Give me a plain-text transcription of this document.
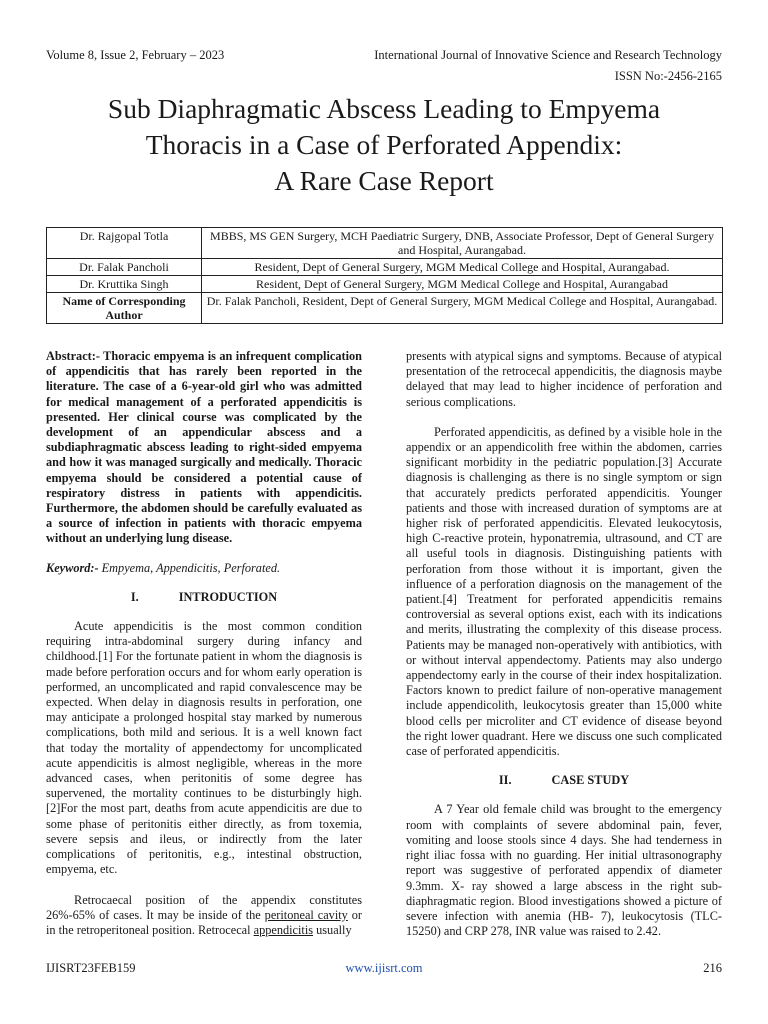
Volume 8, Issue 2, February – 2023	International Journal of Innovative Science and Research Technology
ISSN No:-2456-2165
Sub Diaphragmatic Abscess Leading to Empyema
Thoracis in a Case of Perforated Appendix:
A Rare Case Report
Dr. Rajgopal Totla	MBBS, MS GEN Surgery, MCH Paediatric Surgery, DNB, Associate Professor, Dept of General Surgery and Hospital, Aurangabad.
Dr. Falak Pancholi	Resident, Dept of General Surgery, MGM Medical College and Hospital, Aurangabad.
Dr. Kruttika Singh	Resident, Dept of General Surgery, MGM Medical College and Hospital, Aurangabad
Name of Corresponding Author	Dr. Falak Pancholi, Resident, Dept of General Surgery, MGM Medical College and Hospital, Aurangabad.

Abstract:- Thoracic empyema is an infrequent complication of appendicitis that has rarely been reported in the literature. The case of a 6-year-old girl who was admitted for medical management of a perforated appendicitis is presented. Her clinical course was complicated by the development of an appendicular abscess and a subdiaphragmatic abscess leading to right-sided empyema and how it was managed surgically and medically. Thoracic empyema should be considered a potential cause of respiratory distress in patients with appendicitis. Furthermore, the abdomen should be carefully evaluated as a source of infection in patients with thoracic empyema without an underlying lung disease.

Keyword:- Empyema, Appendicitis, Perforated.

I.	INTRODUCTION

Acute appendicitis is the most common condition requiring intra-abdominal surgery during infancy and childhood.[1] For the fortunate patient in whom the diagnosis is made before perforation occurs and for whom early operation is performed, an uncomplicated and rapid convalescence may be expected. When delay in diagnosis results in perforation, one may anticipate a prolonged hospital stay marked by numerous complications, both mild and serious. It is a well known fact that today the mortality of appendectomy for uncomplicated acute appendicitis is almost negligible, whereas in the more advanced cases, when peritonitis of some degree has supervened, the mortality continues to be disturbingly high. [2]For the most part, deaths from acute appendicitis are due to some phase of peritonitis either directly, as from toxemia, severe sepsis and ileus, or indirectly from the later complications of peritonitis, e.g., intestinal obstruction, empyema, etc.

Retrocaecal position of the appendix constitutes 26%-65% of cases. It may be inside of the peritoneal cavity or in the retroperitoneal position. Retrocecal appendicitis usually

presents with atypical signs and symptoms. Because of atypical presentation of the retrocecal appendicitis, the diagnosis maybe delayed that may lead to higher incidence of perforation and serious complications.

Perforated appendicitis, as defined by a visible hole in the appendix or an appendicolith free within the abdomen, carries significant morbidity in the pediatric population.[3] Accurate diagnosis is challenging as there is no single symptom or sign that accurately predicts perforated appendicitis. Younger patients and those with increased duration of symptoms are at higher risk of perforated appendicitis. Elevated leukocytosis, high C-reactive protein, hyponatremia, ultrasound, and CT are all useful tools in diagnosis. Distinguishing patients with perforation from those without it is important, given the influence of a perforation diagnosis on the management of the patient.[4] Treatment for perforated appendicitis remains controversial as several options exist, each with its indications and merits, illustrating the complexity of this disease process. Patients may be managed non-operatively with antibiotics, with or without interval appendectomy. Patients may also undergo appendectomy early in the course of their index hospitalization. Factors known to predict failure of non-operative management include appendicolith, leukocytosis greater than 15,000 white blood cells per microliter and CT evidence of disease beyond the right lower quadrant. Here we discuss one such complicated case of perforated appendicitis.

II.	CASE STUDY

A 7 Year old female child was brought to the emergency room with complaints of severe abdominal pain, fever, vomiting and loose stools since 4 days. She had tenderness in right iliac fossa with no guarding. Her initial ultrasonography report was suggestive of perforated appendix of diameter 9.3mm. X- ray showed a large abscess in the right sub-diaphragmatic region. Blood investigations showed a picture of severe infection with anemia (HB- 7), leukocytosis (TLC-15250) and CRP 278, INR value was raised to 2.42.

IJISRT23FEB159	www.ijisrt.com	216
